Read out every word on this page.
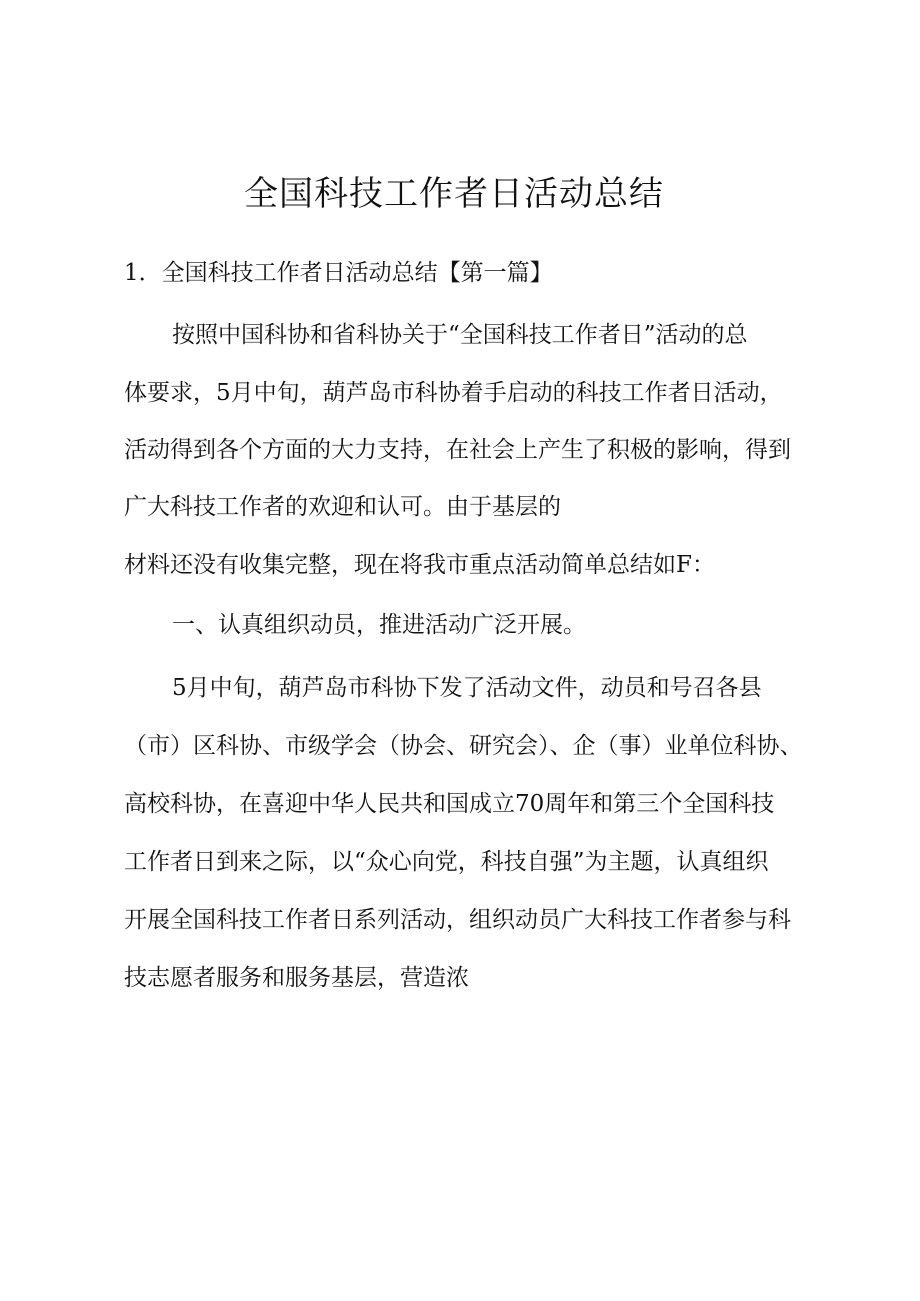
全国科技工作者日活动总结

1．全国科技工作者日活动总结【第一篇】

按照中国科协和省科协关于“全国科技工作者日”活动的总

体要求，5月中旬，葫芦岛市科协着手启动的科技工作者日活动，

活动得到各个方面的大力支持，在社会上产生了积极的影响，得到

广大科技工作者的欢迎和认可。由于基层的

材料还没有收集完整，现在将我市重点活动简单总结如F：

一、认真组织动员，推进活动广泛开展。

5月中旬，葫芦岛市科协下发了活动文件，动员和号召各县

（市）区科协、市级学会（协会、研究会）、企（事）业单位科协、

高校科协，在喜迎中华人民共和国成立70周年和第三个全国科技

工作者日到来之际，以“众心向党，科技自强”为主题，认真组织

开展全国科技工作者日系列活动，组织动员广大科技工作者参与科

技志愿者服务和服务基层，营造浓
